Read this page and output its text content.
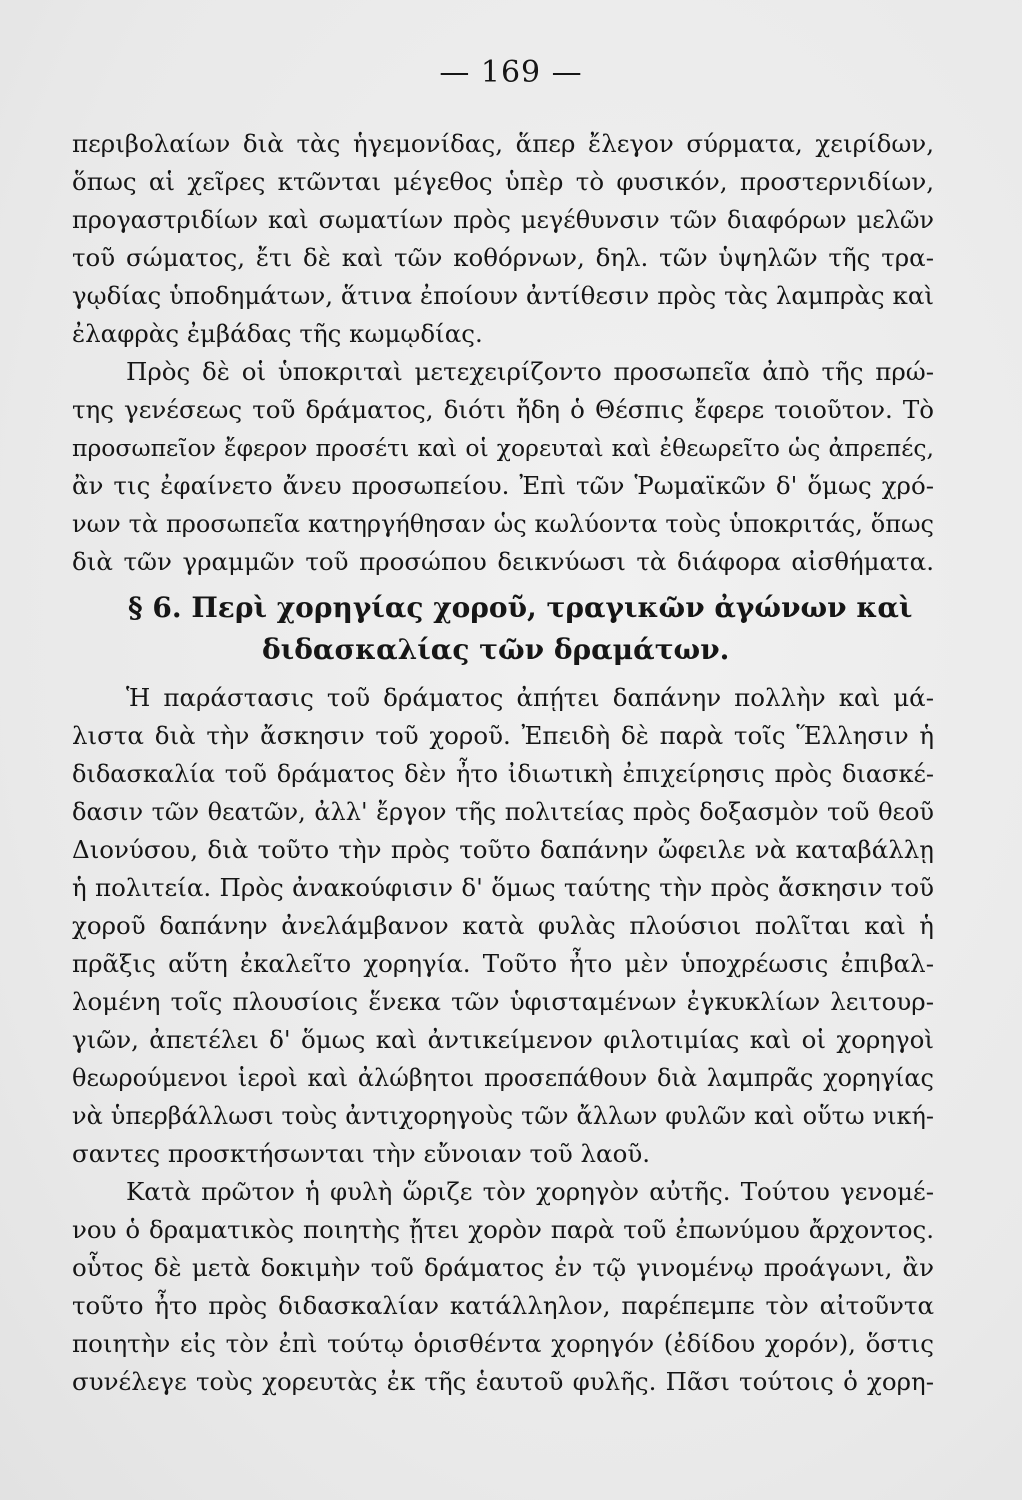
— 169 —
περιβολαίων διὰ τὰς ἡγεμονίδας, ἅπερ ἔλεγον σύρματα, χειρίδων,
ὅπως αἱ χεῖρες κτῶνται μέγεθος ὑπὲρ τὸ φυσικόν, προστερνιδίων,
προγαστριδίων καὶ σωματίων πρὸς μεγέθυνσιν τῶν διαφόρων μελῶν
τοῦ σώματος, ἔτι δὲ καὶ τῶν κοθόρνων, δηλ. τῶν ὑψηλῶν τῆς τρα-
γῳδίας ὑποδημάτων, ἅτινα ἐποίουν ἀντίθεσιν πρὸς τὰς λαμπρὰς καὶ
ἐλαφρὰς ἐμβάδας τῆς κωμῳδίας.
Πρὸς δὲ οἱ ὑποκριταὶ μετεχειρίζοντο προσωπεῖα ἀπὸ τῆς πρώ-
της γενέσεως τοῦ δράματος, διότι ἤδη ὁ Θέσπις ἔφερε τοιοῦτον. Τὸ
προσωπεῖον ἔφερον προσέτι καὶ οἱ χορευταὶ καὶ ἐθεωρεῖτο ὡς ἀπρεπές,
ἂν τις ἐφαίνετο ἄνευ προσωπείου. Ἐπὶ τῶν Ῥωμαϊκῶν δ' ὅμως χρό-
νων τὰ προσωπεῖα κατηργήθησαν ὡς κωλύοντα τοὺς ὑποκριτάς, ὅπως
διὰ τῶν γραμμῶν τοῦ προσώπου δεικνύωσι τὰ διάφορα αἰσθήματα.
§ 6. Περὶ χορηγίας χοροῦ, τραγικῶν ἀγώνων καὶ
διδασκαλίας τῶν δραμάτων.
Ἡ παράστασις τοῦ δράματος ἀπῄτει δαπάνην πολλὴν καὶ μά-
λιστα διὰ τὴν ἄσκησιν τοῦ χοροῦ. Ἐπειδὴ δὲ παρὰ τοῖς Ἕλλησιν ἡ
διδασκαλία τοῦ δράματος δὲν ἦτο ἰδιωτικὴ ἐπιχείρησις πρὸς διασκέ-
δασιν τῶν θεατῶν, ἀλλ' ἔργον τῆς πολιτείας πρὸς δοξασμὸν τοῦ θεοῦ
Διονύσου, διὰ τοῦτο τὴν πρὸς τοῦτο δαπάνην ὤφειλε νὰ καταβάλλῃ
ἡ πολιτεία. Πρὸς ἀνακούφισιν δ' ὅμως ταύτης τὴν πρὸς ἄσκησιν τοῦ
χοροῦ δαπάνην ἀνελάμβανον κατὰ φυλὰς πλούσιοι πολῖται καὶ ἡ
πρᾶξις αὕτη ἐκαλεῖτο χορηγία. Τοῦτο ἦτο μὲν ὑποχρέωσις ἐπιβαλ-
λομένη τοῖς πλουσίοις ἕνεκα τῶν ὑφισταμένων ἐγκυκλίων λειτουρ-
γιῶν, ἀπετέλει δ' ὅμως καὶ ἀντικείμενον φιλοτιμίας καὶ οἱ χορηγοὶ
θεωρούμενοι ἱεροὶ καὶ ἀλώβητοι προσεπάθουν διὰ λαμπρᾶς χορηγίας
νὰ ὑπερβάλλωσι τοὺς ἀντιχορηγοὺς τῶν ἄλλων φυλῶν καὶ οὕτω νική-
σαντες προσκτήσωνται τὴν εὔνοιαν τοῦ λαοῦ.
Κατὰ πρῶτον ἡ φυλὴ ὥριζε τὸν χορηγὸν αὐτῆς. Τούτου γενομέ-
νου ὁ δραματικὸς ποιητὴς ᾔτει χορὸν παρὰ τοῦ ἐπωνύμου ἄρχοντος.
οὗτος δὲ μετὰ δοκιμὴν τοῦ δράματος ἐν τῷ γινομένῳ προάγωνι, ἂν
τοῦτο ἦτο πρὸς διδασκαλίαν κατάλληλον, παρέπεμπε τὸν αἰτοῦντα
ποιητὴν εἰς τὸν ἐπὶ τούτῳ ὁρισθέντα χορηγόν (ἐδίδου χορόν), ὅστις
συνέλεγε τοὺς χορευτὰς ἐκ τῆς ἑαυτοῦ φυλῆς. Πᾶσι τούτοις ὁ χορη-
